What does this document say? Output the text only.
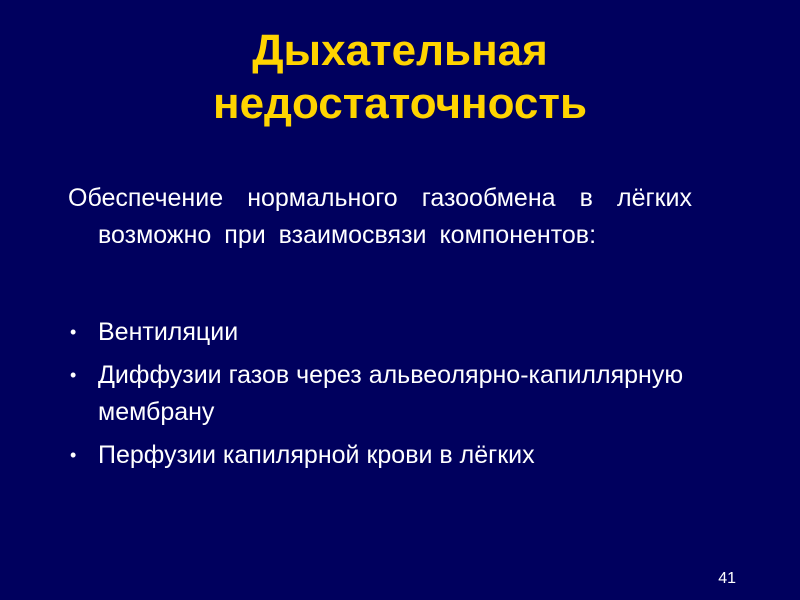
Дыхательная
недостаточность
Обеспечение нормального газообмена в лёгких возможно при взаимосвязи компонентов:
• Вентиляции
• Диффузии газов через альвеолярно-капиллярную мембрану
• Перфузии капилярной крови в лёгких
41
